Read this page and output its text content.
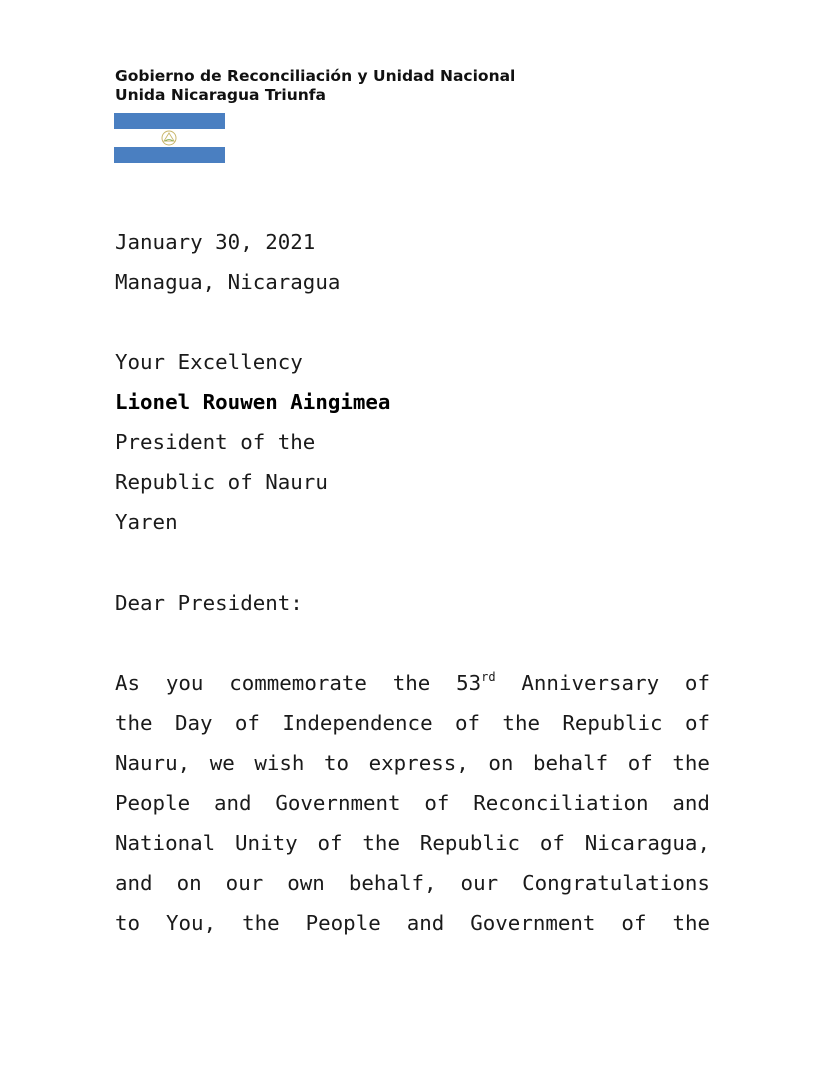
Gobierno de Reconciliación y Unidad Nacional
Unida Nicaragua Triunfa
January 30, 2021
Managua, Nicaragua
Your Excellency
Lionel Rouwen Aingimea
President of the
Republic of Nauru
Yaren
Dear President:
As you commemorate the 53rd Anniversary of
the Day of Independence of the Republic of
Nauru, we wish to express, on behalf of the
People and Government of Reconciliation and
National Unity of the Republic of Nicaragua,
and on our own behalf, our Congratulations
to You, the People and Government of the
